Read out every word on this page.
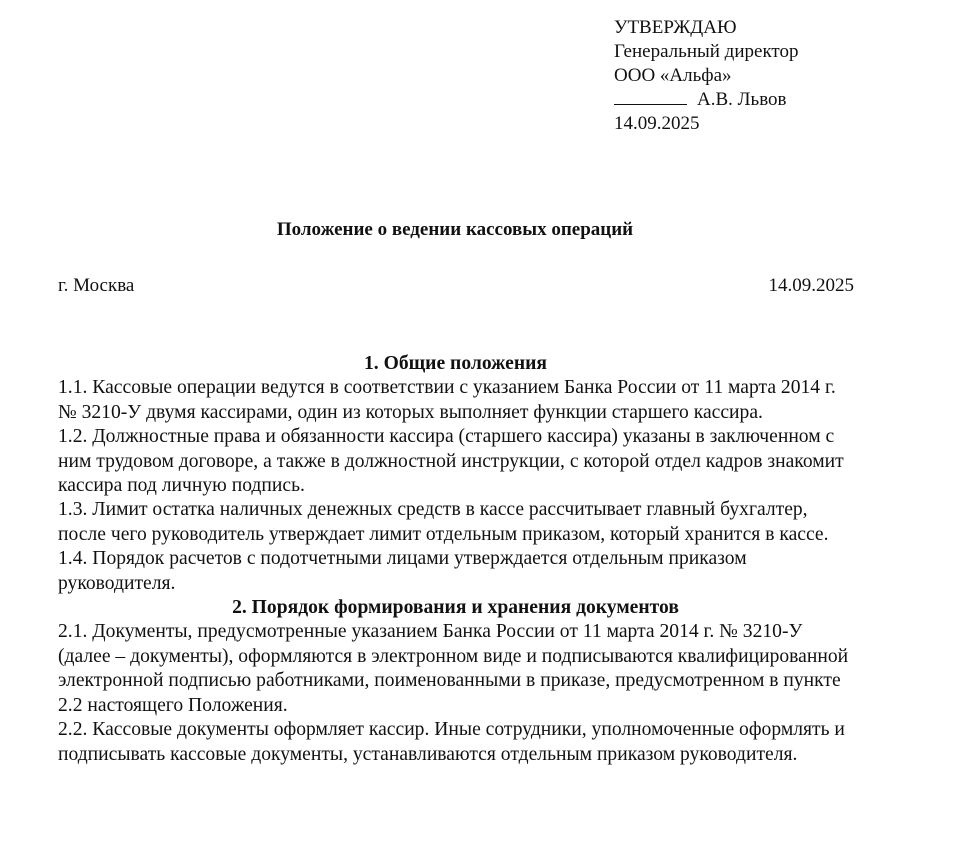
УТВЕРЖДАЮ
Генеральный директор
ООО «Альфа»
А.В. Львов
14.09.2025
Положение о ведении кассовых операций
г. Москва	14.09.2025
1. Общие положения

1.1. Кассовые операции ведутся в соответствии с указанием Банка России от 11 марта 2014 г. № 3210-У двумя кассирами, один из которых выполняет функции старшего кассира.

1.2. Должностные права и обязанности кассира (старшего кассира) указаны в заключенном с ним трудовом договоре, а также в должностной инструкции, с которой отдел кадров знакомит кассира под личную подпись.

1.3. Лимит остатка наличных денежных средств в кассе рассчитывает главный бухгалтер, после чего руководитель утверждает лимит отдельным приказом, который хранится в кассе.

1.4. Порядок расчетов с подотчетными лицами утверждается отдельным приказом руководителя.

2. Порядок формирования и хранения документов

2.1. Документы, предусмотренные указанием Банка России от 11 марта 2014 г. № 3210-У (далее – документы), оформляются в электронном виде и подписываются квалифицированной электронной подписью работниками, поименованными в приказе, предусмотренном в пункте 2.2 настоящего Положения.

2.2. Кассовые документы оформляет кассир. Иные сотрудники, уполномоченные оформлять и подписывать кассовые документы, устанавливаются отдельным приказом руководителя.
